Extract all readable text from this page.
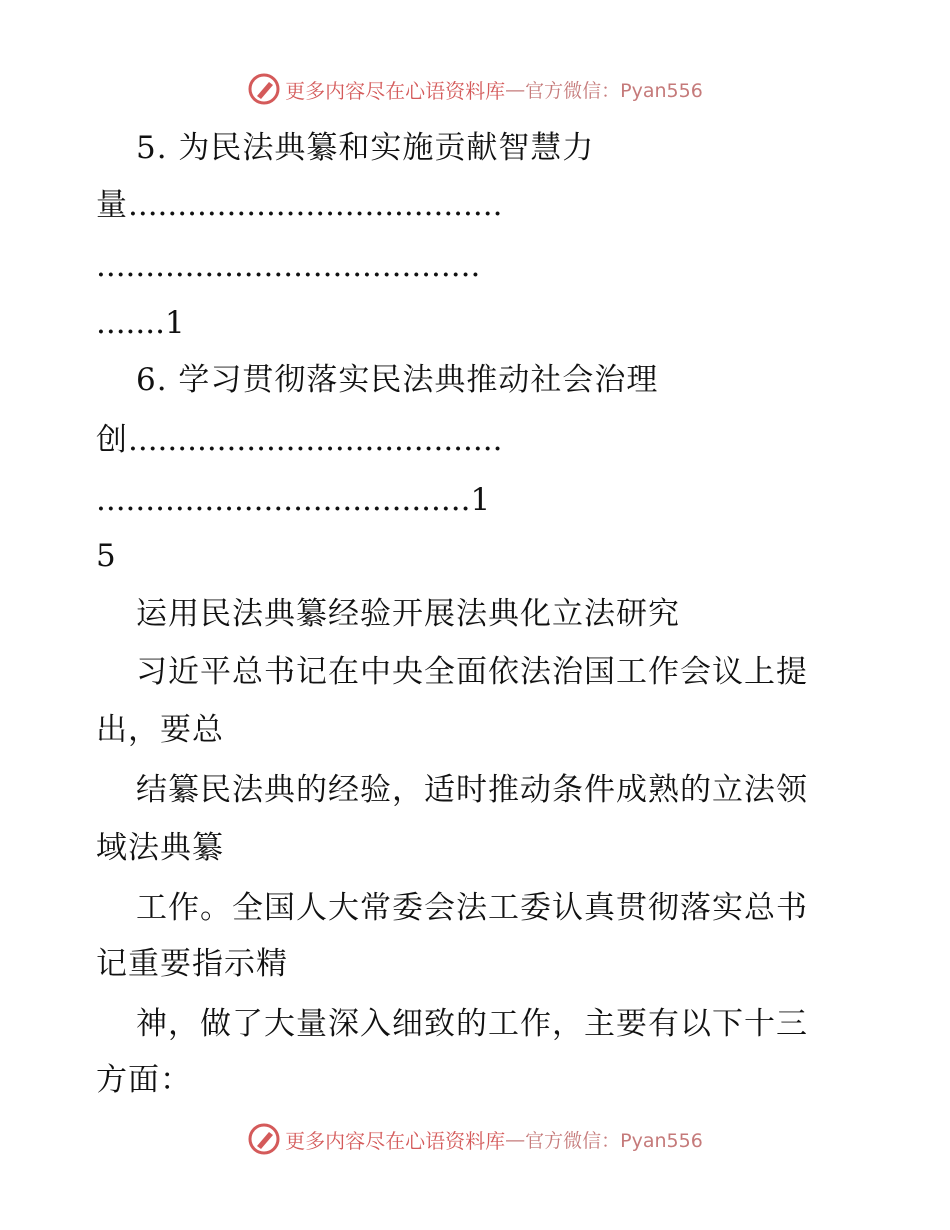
更多内容尽在心语资料库 — 官方微信：Pyan556
5. 为民法典纂和实施贡献智慧力
量......................................
.......................................
.......1
6. 学习贯彻落实民法典推动社会治理
创......................................
......................................1
5
运用民法典纂经验开展法典化立法研究
习近平总书记在中央全面依法治国工作会议上提
出，要总
结纂民法典的经验，适时推动条件成熟的立法领
域法典纂
工作。全国人大常委会法工委认真贯彻落实总书
记重要指示精
神，做了大量深入细致的工作，主要有以下十三
方面：
更多内容尽在心语资料库 — 官方微信：Pyan556
